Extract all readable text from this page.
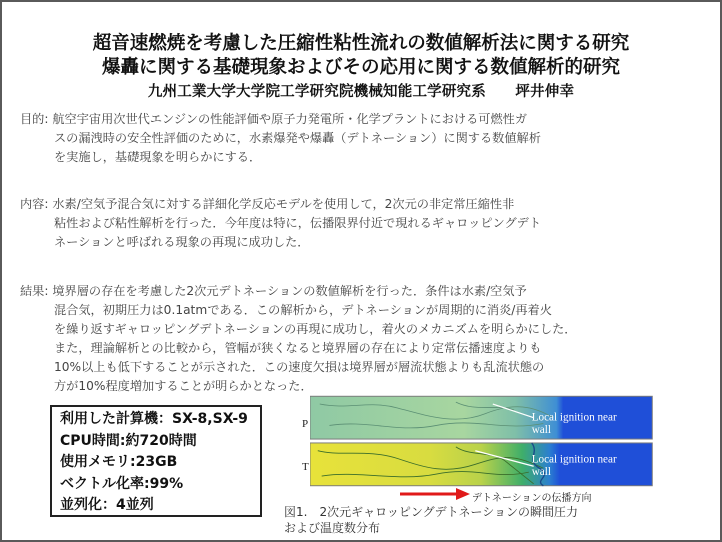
超音速燃焼を考慮した圧縮性粘性流れの数値解析法に関する研究
爆轟に関する基礎現象およびその応用に関する数値解析的研究
九州工業大学大学院工学研究院機械知能工学研究系　　坪井伸幸
目的: 航空宇宙用次世代エンジンの性能評価や原子力発電所・化学プラントにおける可燃性ガ
スの漏洩時の安全性評価のために，水素爆発や爆轟（デトネーション）に関する数値解析
を実施し，基礎現象を明らかにする．
内容: 水素/空気予混合気に対する詳細化学反応モデルを使用して，2次元の非定常圧縮性非
粘性および粘性解析を行った．今年度は特に，伝播限界付近で現れるギャロッピングデト
ネーションと呼ばれる現象の再現に成功した．
結果: 境界層の存在を考慮した2次元デトネーションの数値解析を行った．条件は水素/空気予
混合気，初期圧力は0.1atmである．この解析から，デトネーションが周期的に消炎/再着火
を繰り返すギャロッピングデトネーションの再現に成功し，着火のメカニズムを明らかにした．
また，理論解析との比較から，管幅が狭くなると境界層の存在により定常伝播速度よりも
10%以上も低下することが示された．この速度欠損は境界層が層流状態よりも乱流状態の
方が10%程度増加することが明らかとなった．
利用した計算機：SX-8,SX-9
CPU時間:約720時間
使用メモリ:23GB
ベクトル化率:99%
並列化：4並列
P
T
Local ignition near
wall
Local ignition near
wall
デトネーションの伝播方向
図1.　2次元ギャロッピングデトネーションの瞬間圧力
および温度数分布
